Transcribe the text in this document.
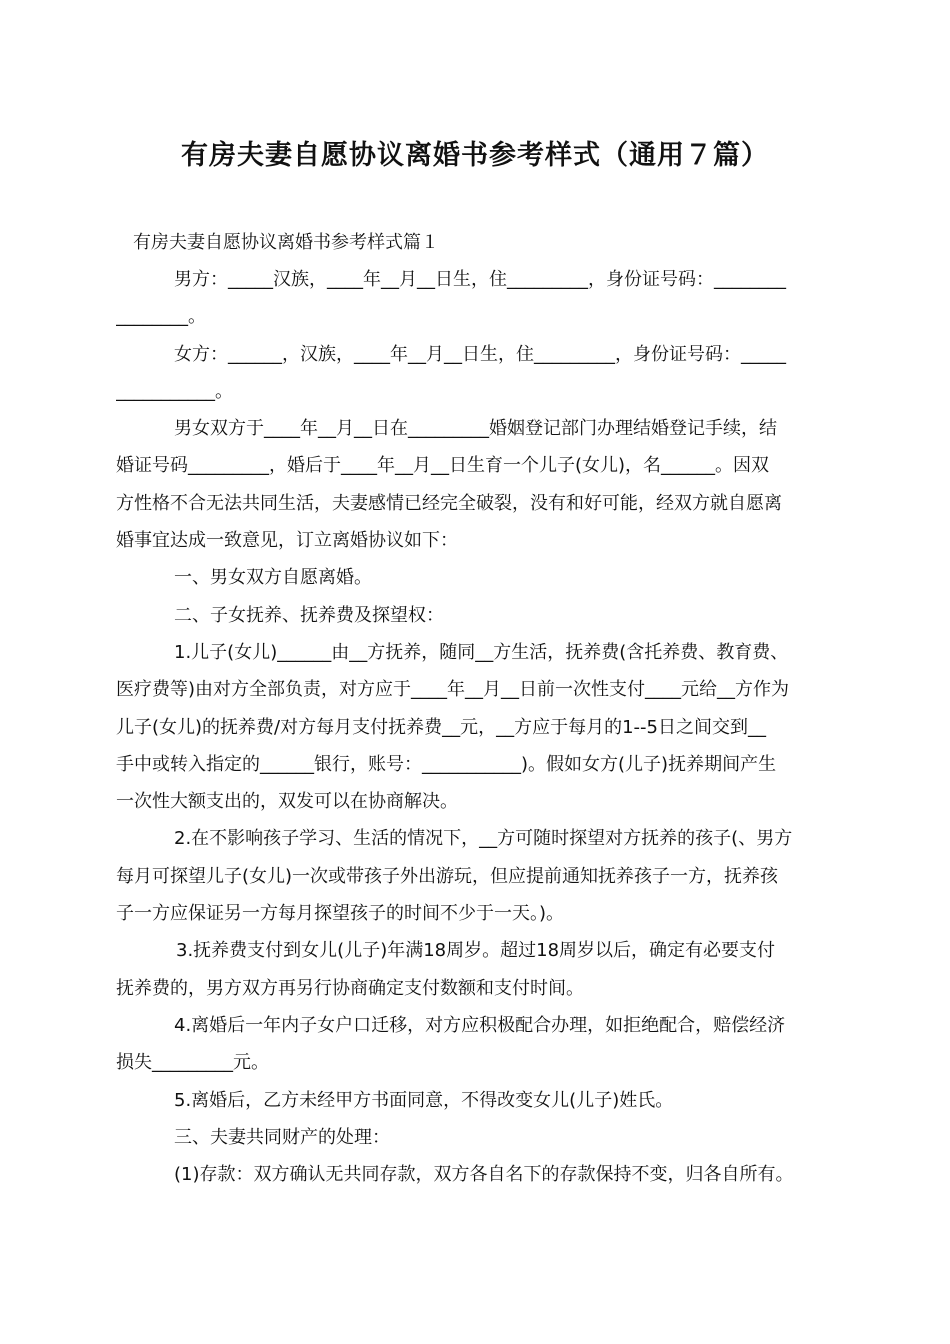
有房夫妻自愿协议离婚书参考样式（通用７篇）
有房夫妻自愿协议离婚书参考样式篇１
男方：_____汉族，____年__月__日生，住_________，身份证号码：________
________。
女方：______，汉族，____年__月__日生，住_________，身份证号码：_____
___________。
男女双方于____年__月__日在_________婚姻登记部门办理结婚登记手续，结
婚证号码_________，婚后于____年__月__日生育一个儿子(女儿)，名______。因双
方性格不合无法共同生活，夫妻感情已经完全破裂，没有和好可能，经双方就自愿离
婚事宜达成一致意见，订立离婚协议如下：
一、男女双方自愿离婚。
二、子女抚养、抚养费及探望权：
1.儿子(女儿)______由__方抚养，随同__方生活，抚养费(含托养费、教育费、
医疗费等)由对方全部负责，对方应于____年__月__日前一次性支付____元给__方作为
儿子(女儿)的抚养费/对方每月支付抚养费__元，__方应于每月的1--5日之间交到__
手中或转入指定的______银行，账号：___________)。假如女方(儿子)抚养期间产生
一次性大额支出的，双发可以在协商解决。
2.在不影响孩子学习、生活的情况下，__方可随时探望对方抚养的孩子(、男方
每月可探望儿子(女儿)一次或带孩子外出游玩，但应提前通知抚养孩子一方，抚养孩
子一方应保证另一方每月探望孩子的时间不少于一天。)。
3.抚养费支付到女儿(儿子)年满18周岁。超过18周岁以后，确定有必要支付
抚养费的，男方双方再另行协商确定支付数额和支付时间。
4.离婚后一年内子女户口迁移，对方应积极配合办理，如拒绝配合，赔偿经济
损失_________元。
5.离婚后，乙方未经甲方书面同意，不得改变女儿(儿子)姓氏。
三、夫妻共同财产的处理：
(1)存款：双方确认无共同存款，双方各自名下的存款保持不变，归各自所有。
